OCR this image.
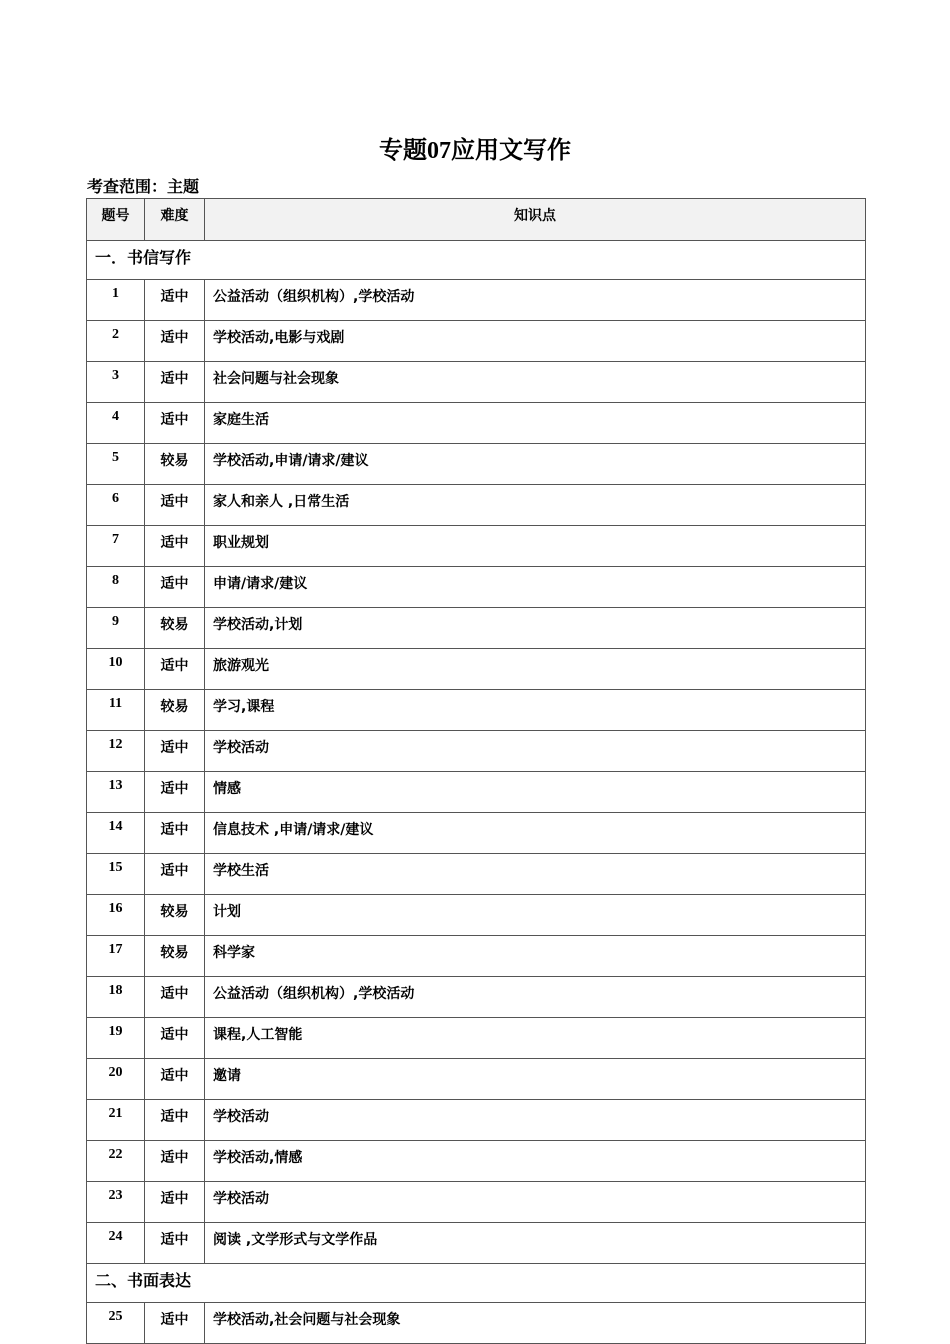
专题07应用文写作
考查范围：主题
题号	难度	知识点
一．书信写作		
1	适中	公益活动（组织机构）,学校活动
2	适中	学校活动,电影与戏剧
3	适中	社会问题与社会现象
4	适中	家庭生活
5	较易	学校活动,申请/请求/建议
6	适中	家人和亲人 ,日常生活
7	适中	职业规划
8	适中	申请/请求/建议
9	较易	学校活动,计划
10	适中	旅游观光
11	较易	学习,课程
12	适中	学校活动
13	适中	情感
14	适中	信息技术 ,申请/请求/建议
15	适中	学校生活
16	较易	计划
17	较易	科学家
18	适中	公益活动（组织机构）,学校活动
19	适中	课程,人工智能
20	适中	邀请
21	适中	学校活动
22	适中	学校活动,情感
23	适中	学校活动
24	适中	阅读 ,文学形式与文学作品
二、书面表达		
25	适中	学校活动,社会问题与社会现象
